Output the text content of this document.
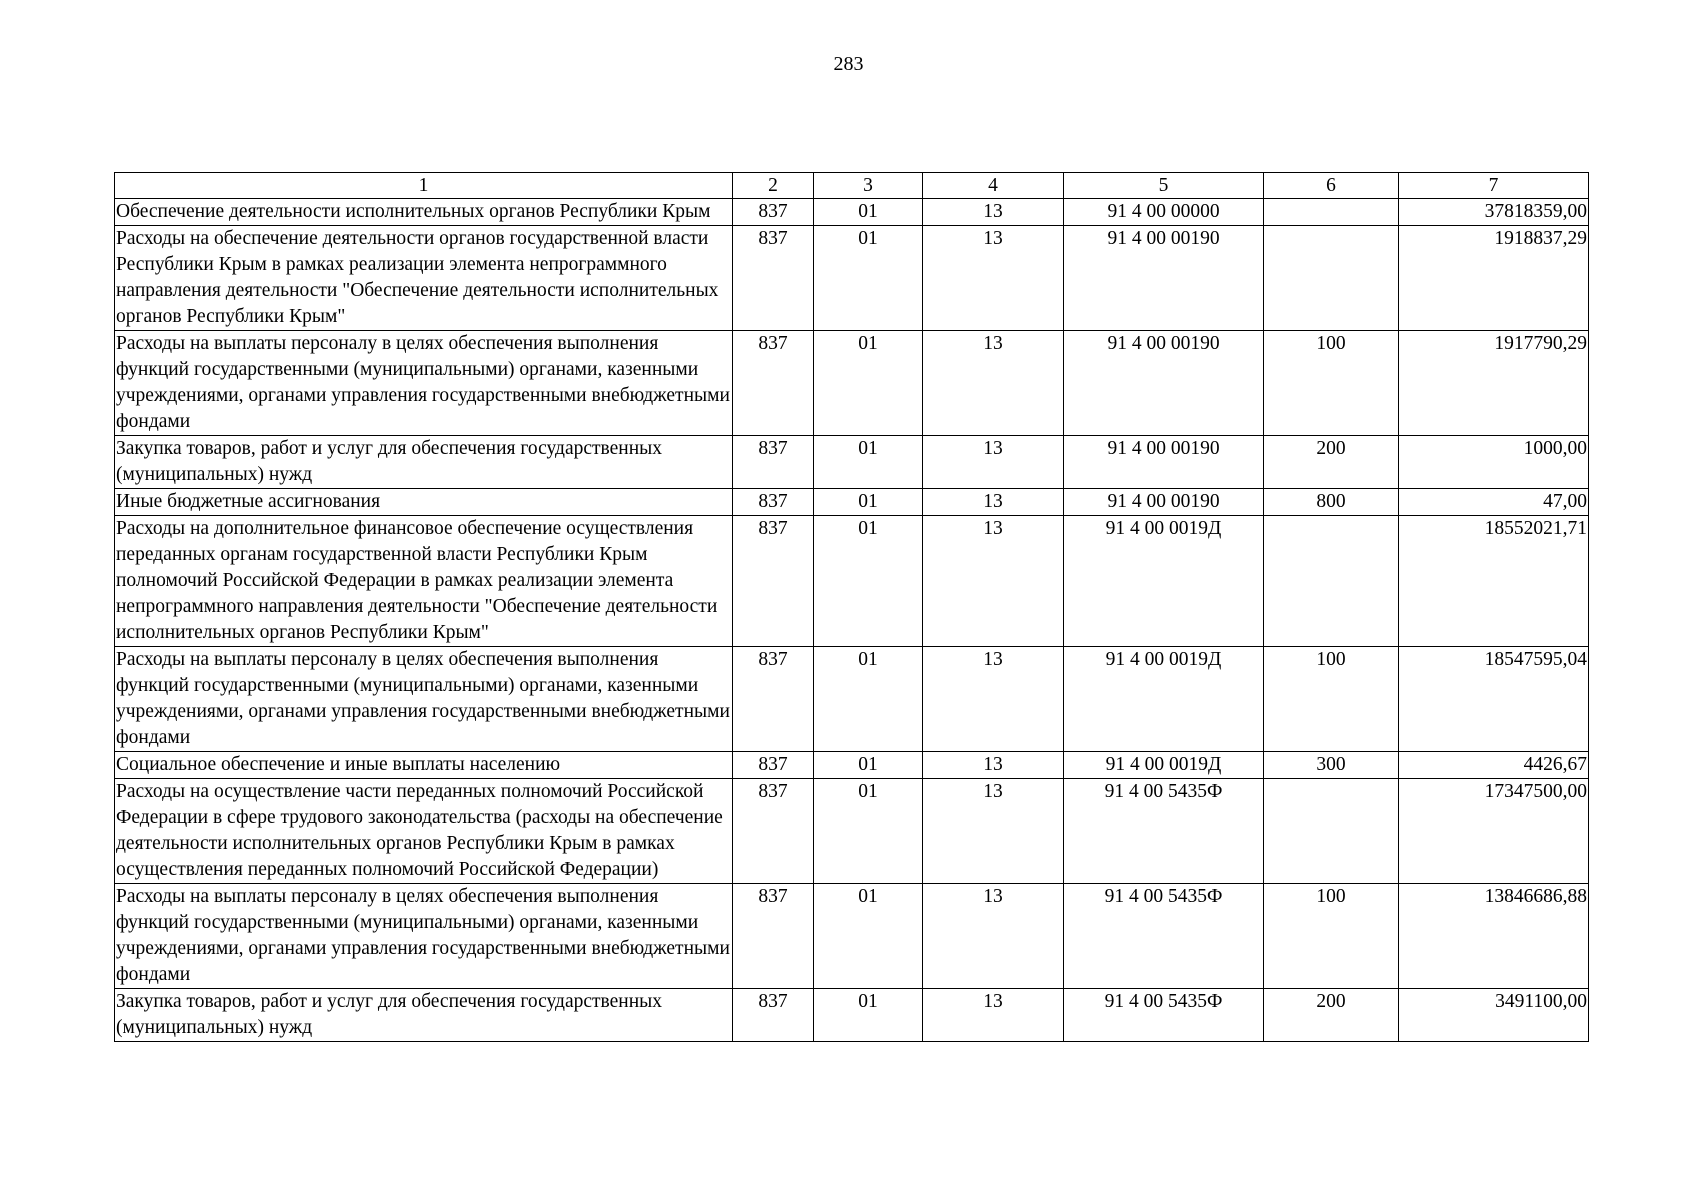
283
1	2	3	4	5	6	7
Обеспечение деятельности исполнительных органов Республики Крым	837	01	13	91 4 00 00000		37818359,00
Расходы на обеспечение деятельности органов государственной власти Республики Крым в рамках реализации элемента непрограммного направления деятельности "Обеспечение деятельности исполнительных органов Республики Крым"	837	01	13	91 4 00 00190		1918837,29
Расходы на выплаты персоналу в целях обеспечения выполнения функций государственными (муниципальными) органами, казенными учреждениями, органами управления государственными внебюджетными фондами	837	01	13	91 4 00 00190	100	1917790,29
Закупка товаров, работ и услуг для обеспечения государственных (муниципальных) нужд	837	01	13	91 4 00 00190	200	1000,00
Иные бюджетные ассигнования	837	01	13	91 4 00 00190	800	47,00
Расходы на дополнительное финансовое обеспечение осуществления переданных органам государственной власти Республики Крым полномочий Российской Федерации в рамках реализации элемента непрограммного направления деятельности "Обеспечение деятельности исполнительных органов Республики Крым"	837	01	13	91 4 00 0019Д		18552021,71
Расходы на выплаты персоналу в целях обеспечения выполнения функций государственными (муниципальными) органами, казенными учреждениями, органами управления государственными внебюджетными фондами	837	01	13	91 4 00 0019Д	100	18547595,04
Социальное обеспечение и иные выплаты населению	837	01	13	91 4 00 0019Д	300	4426,67
Расходы на осуществление части переданных полномочий Российской Федерации в сфере трудового законодательства (расходы на обеспечение деятельности исполнительных органов Республики Крым в рамках осуществления переданных полномочий Российской Федерации)	837	01	13	91 4 00 5435Ф		17347500,00
Расходы на выплаты персоналу в целях обеспечения выполнения функций государственными (муниципальными) органами, казенными учреждениями, органами управления государственными внебюджетными фондами	837	01	13	91 4 00 5435Ф	100	13846686,88
Закупка товаров, работ и услуг для обеспечения государственных (муниципальных) нужд	837	01	13	91 4 00 5435Ф	200	3491100,00
